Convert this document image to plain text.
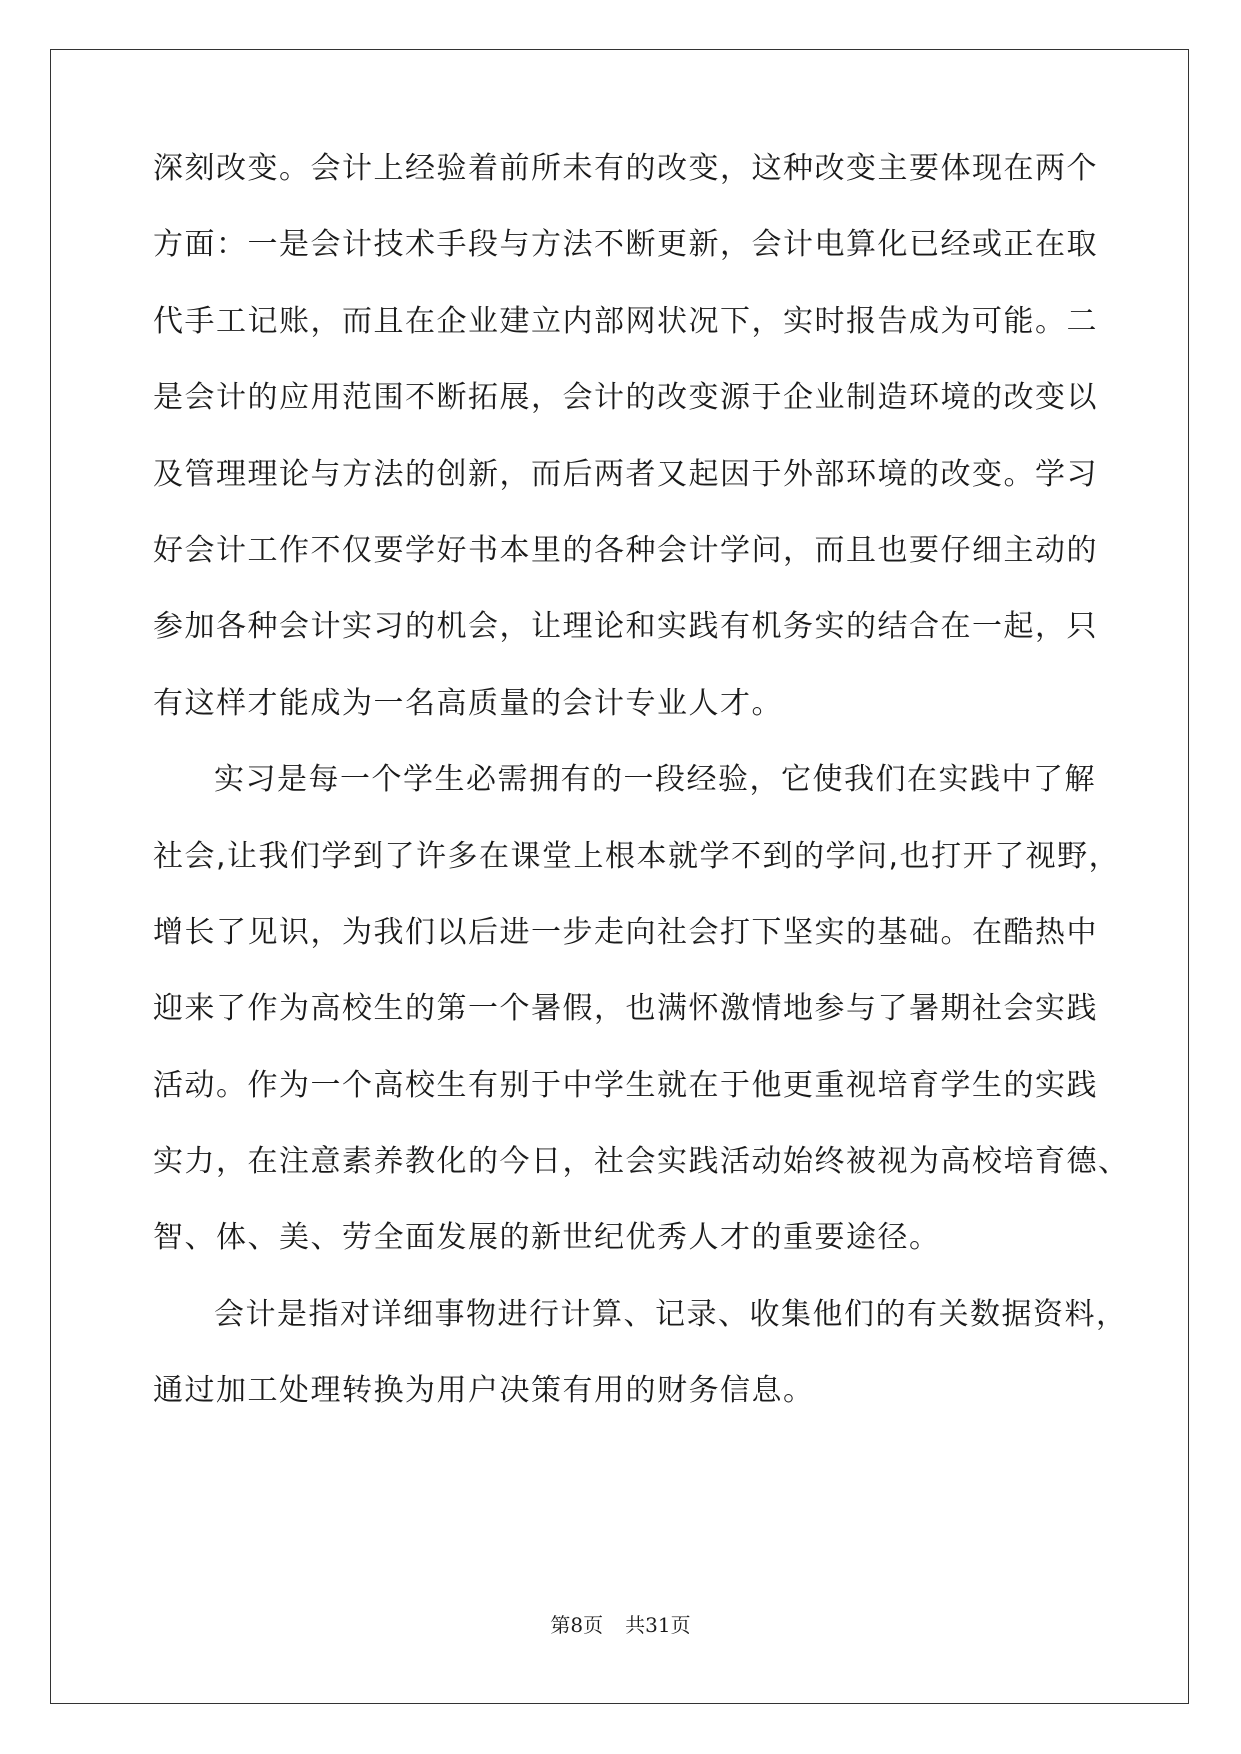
深刻改变。会计上经验着前所未有的改变，这种改变主要体现在两个

方面：一是会计技术手段与方法不断更新，会计电算化已经或正在取

代手工记账，而且在企业建立内部网状况下，实时报告成为可能。二

是会计的应用范围不断拓展，会计的改变源于企业制造环境的改变以

及管理理论与方法的创新，而后两者又起因于外部环境的改变。学习

好会计工作不仅要学好书本里的各种会计学问，而且也要仔细主动的

参加各种会计实习的机会，让理论和实践有机务实的结合在一起，只

有这样才能成为一名高质量的会计专业人才。

实习是每一个学生必需拥有的一段经验，它使我们在实践中了解

社会,让我们学到了许多在课堂上根本就学不到的学问,也打开了视野，

增长了见识，为我们以后进一步走向社会打下坚实的基础。在酷热中

迎来了作为高校生的第一个暑假，也满怀激情地参与了暑期社会实践

活动。作为一个高校生有别于中学生就在于他更重视培育学生的实践

实力，在注意素养教化的今日，社会实践活动始终被视为高校培育德、

智、体、美、劳全面发展的新世纪优秀人才的重要途径。

会计是指对详细事物进行计算、记录、收集他们的有关数据资料，

通过加工处理转换为用户决策有用的财务信息。

第8页 共31页
